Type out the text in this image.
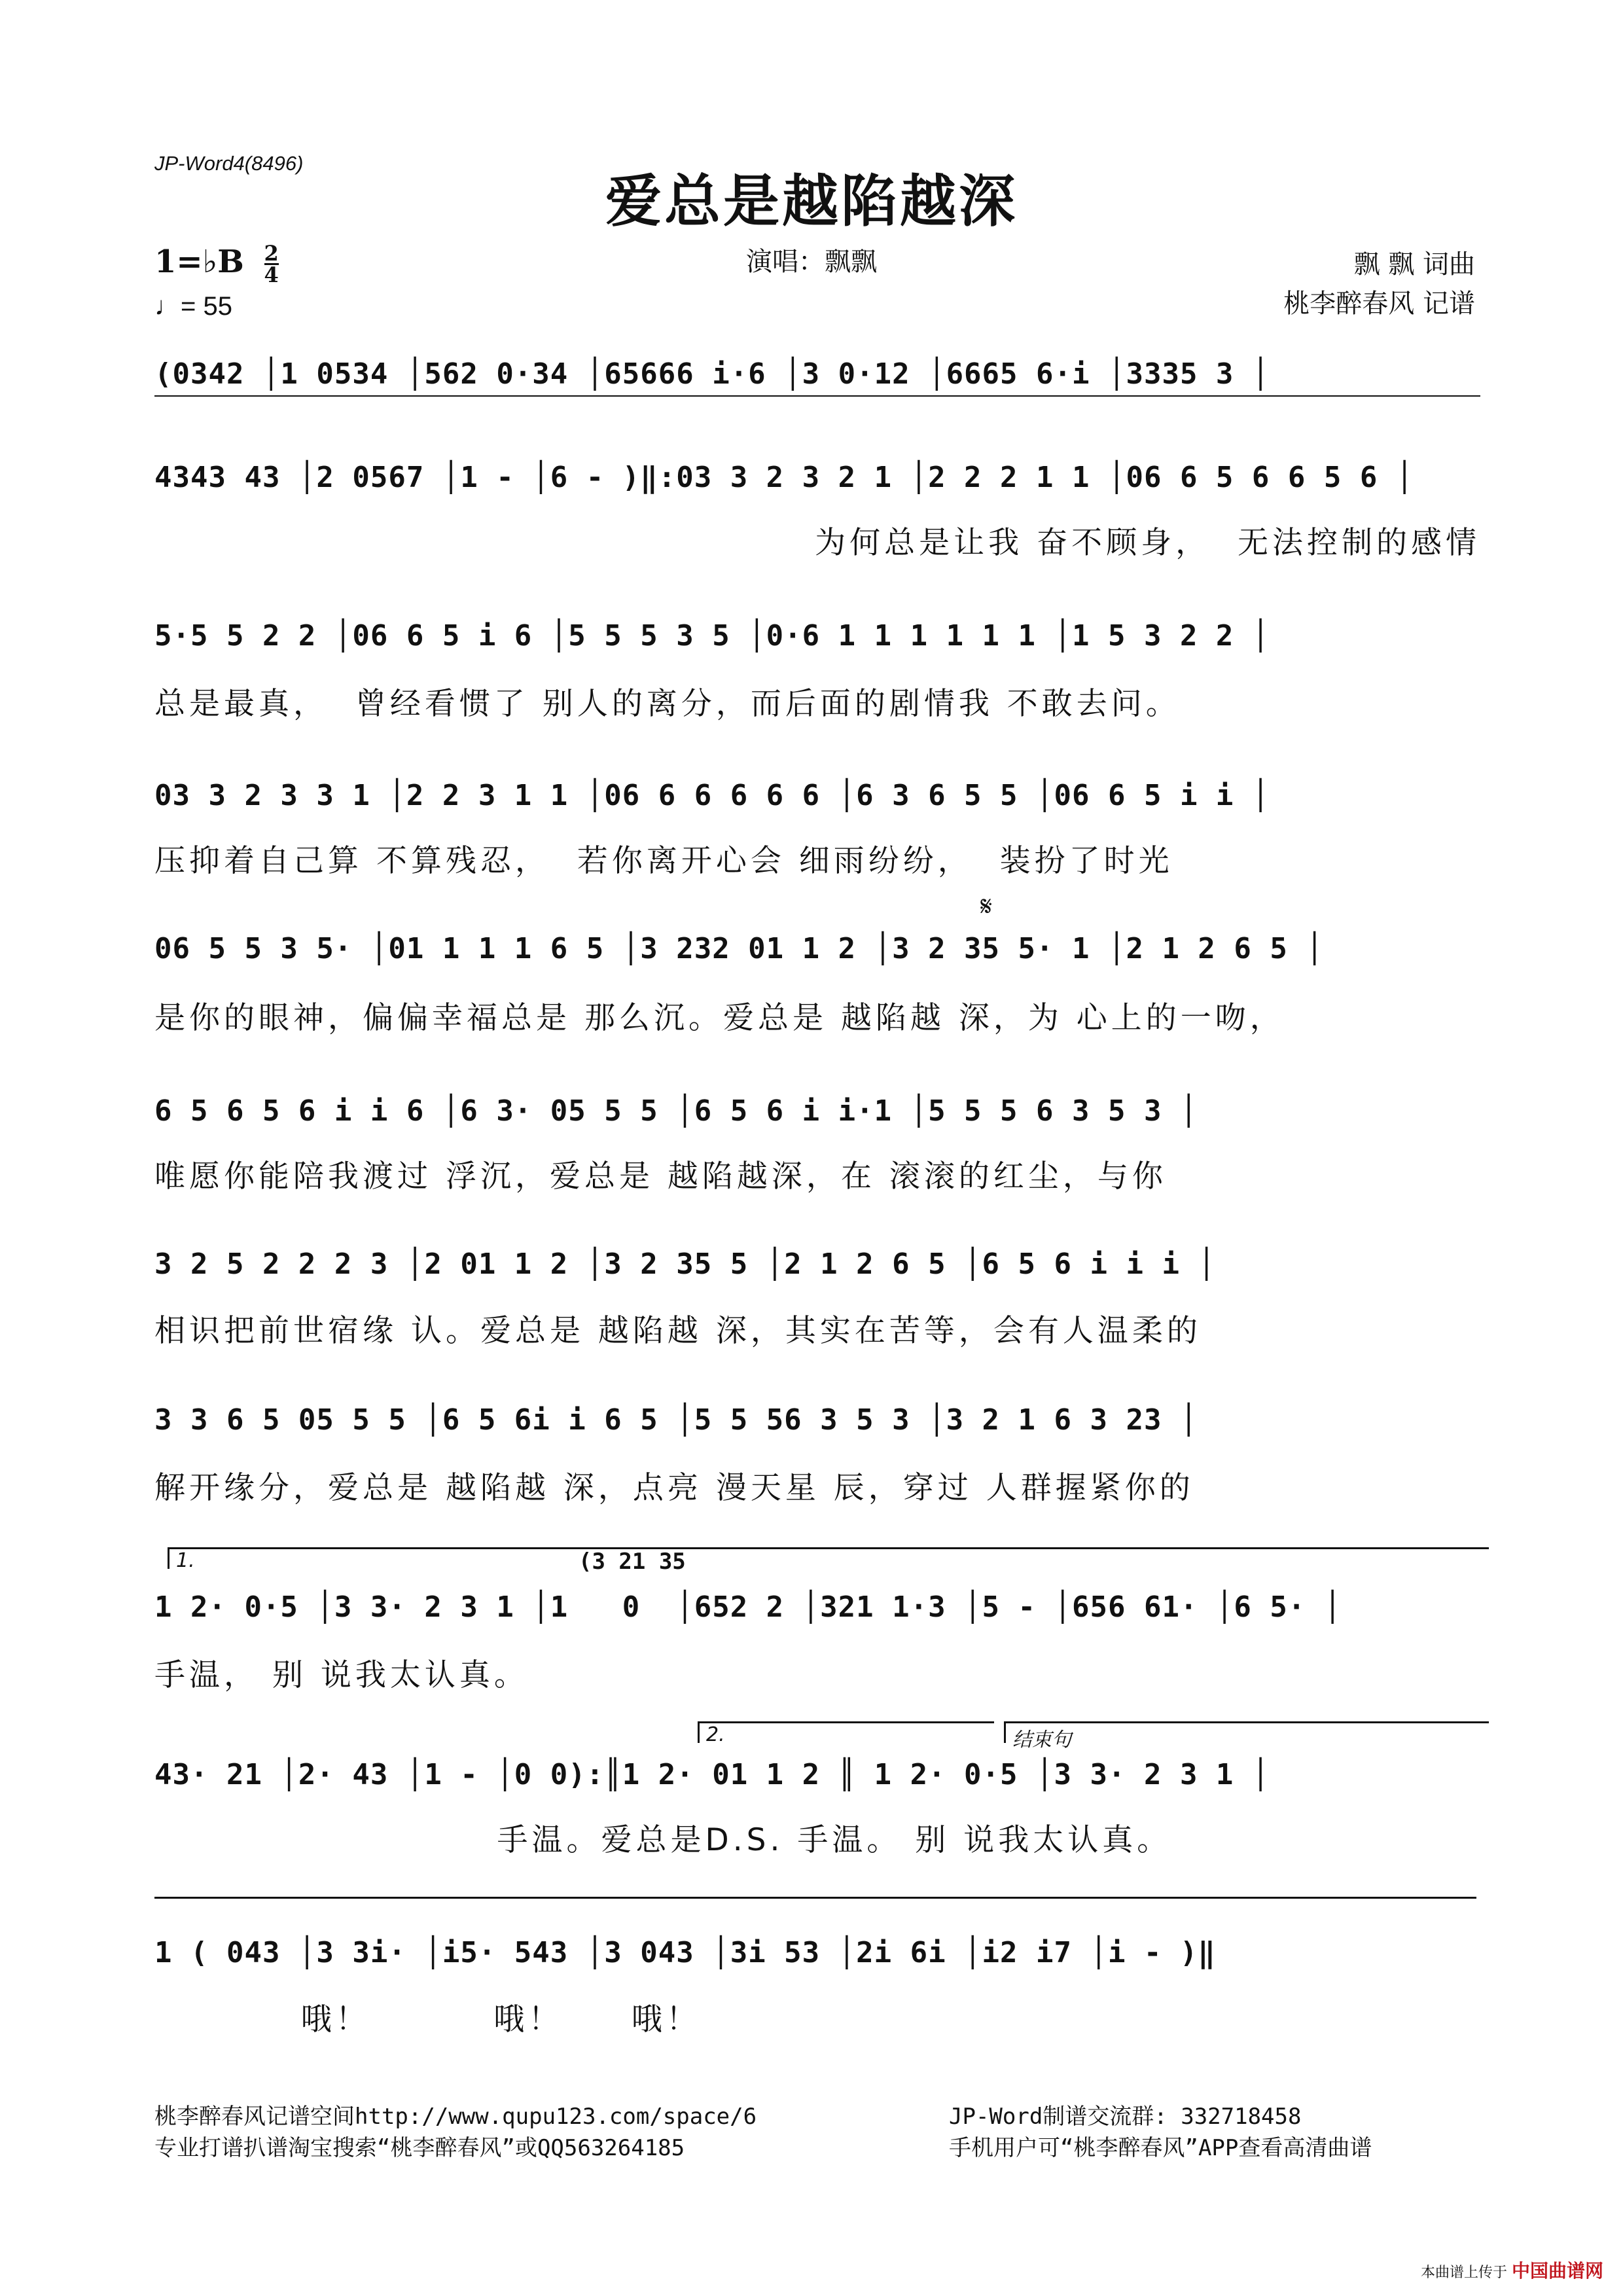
JP-Word4(8496)
爱总是越陷越深
演唱：飘飘
1=♭B $\frac{2}{4}$
♩= 55
飘 飘 词曲
桃李醉春风 记谱
(0342 │1 0534 │562 0·34 │65666 i·6 │3 0·12 │6665 6·i │3335 3 │
4343 43 │2 0567 │1 - │6 - )‖:03 3 2 3 2 1 │2 2 2 1 1 │06 6 5 6 6 5 6 │
为何总是让我 奋不顾身，  无法控制的感情
5·5 5 2 2 │06 6 5 i 6 │5 5 5 3 5 │0·6 1 1 1 1 1 1 │1 5 3 2 2 │
总是最真，  曾经看惯了 别人的离分，而后面的剧情我 不敢去问。
03 3 2 3 3 1 │2 2 3 1 1 │06 6 6 6 6 6 │6 3 6 5 5 │06 6 5 i i │
压抑着自己算 不算残忍，  若你离开心会 细雨纷纷，  装扮了时光
𝄋
06 5 5 3 5· │01 1 1 1 6 5 │3 232 01 1 2 │3 2 35 5· 1 │2 1 2 6 5 │
是你的眼神，偏偏幸福总是 那么沉。爱总是 越陷越 深，为 心上的一吻，
6 5 6 5 6 i i 6 │6 3· 05 5 5 │6 5 6 i i·1 │5 5 5 6 3 5 3 │
唯愿你能陪我渡过 浮沉，爱总是 越陷越深，在 滚滚的红尘，与你
3 2 5 2 2 2 3 │2 01 1 2 │3 2 35 5 │2 1 2 6 5 │6 5 6 i i i │
相识把前世宿缘 认。爱总是 越陷越 深，其实在苦等，会有人温柔的
3 3 6 5 05 5 5 │6 5 6i i 6 5 │5 5 56 3 5 3 │3 2 1 6 3 23 │
解开缘分，爱总是 越陷越 深，点亮 漫天星 辰，穿过 人群握紧你的
1.	(3 21 35
1 2· 0·5 │3 3· 2 3 1 │1   0  │652 2 │321 1·3 │5 - │656 61· │6 5· │
手温， 别 说我太认真。
2.	结束句
43· 21 │2· 43 │1 - │0 0):║1 2· 01 1 2 ║ 1 2· 0·5 │3 3· 2 3 1 │
手温。爱总是D.S. 手温。 别 说我太认真。
1 ( 043 │3 3i· │i5· 543 │3 043 │3i 53 │2i 6i │i2 i7 │i - )‖
哦！         哦！     哦！
桃李醉春风记谱空间http://www.qupu123.com/space/6
专业打谱扒谱淘宝搜索“桃李醉春风”或QQ563264185
JP-Word制谱交流群: 332718458
手机用户可“桃李醉春风”APP查看高清曲谱
本曲谱上传于 中国曲谱网
